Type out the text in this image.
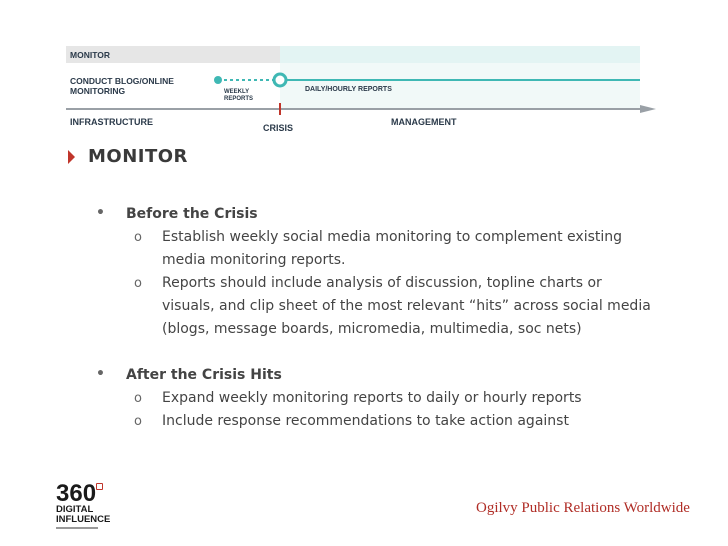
MONITOR
CONDUCT BLOG/ONLINE
MONITORING	WEEKLY
REPORTS
DAILY/HOURLY REPORTS
INFRASTRUCTURE
CRISIS
MANAGEMENT
MONITOR
• Before the Crisis
o Establish weekly social media monitoring to complement existing
media monitoring reports.
o Reports should include analysis of discussion, topline charts or
visuals, and clip sheet of the most relevant “hits” across social media
(blogs, message boards, micromedia, multimedia, soc nets)
• After the Crisis Hits
o Expand weekly monitoring reports to daily or hourly reports
o Include response recommendations to take action against
360
DIGITAL
INFLUENCE
Ogilvy Public Relations Worldwide
